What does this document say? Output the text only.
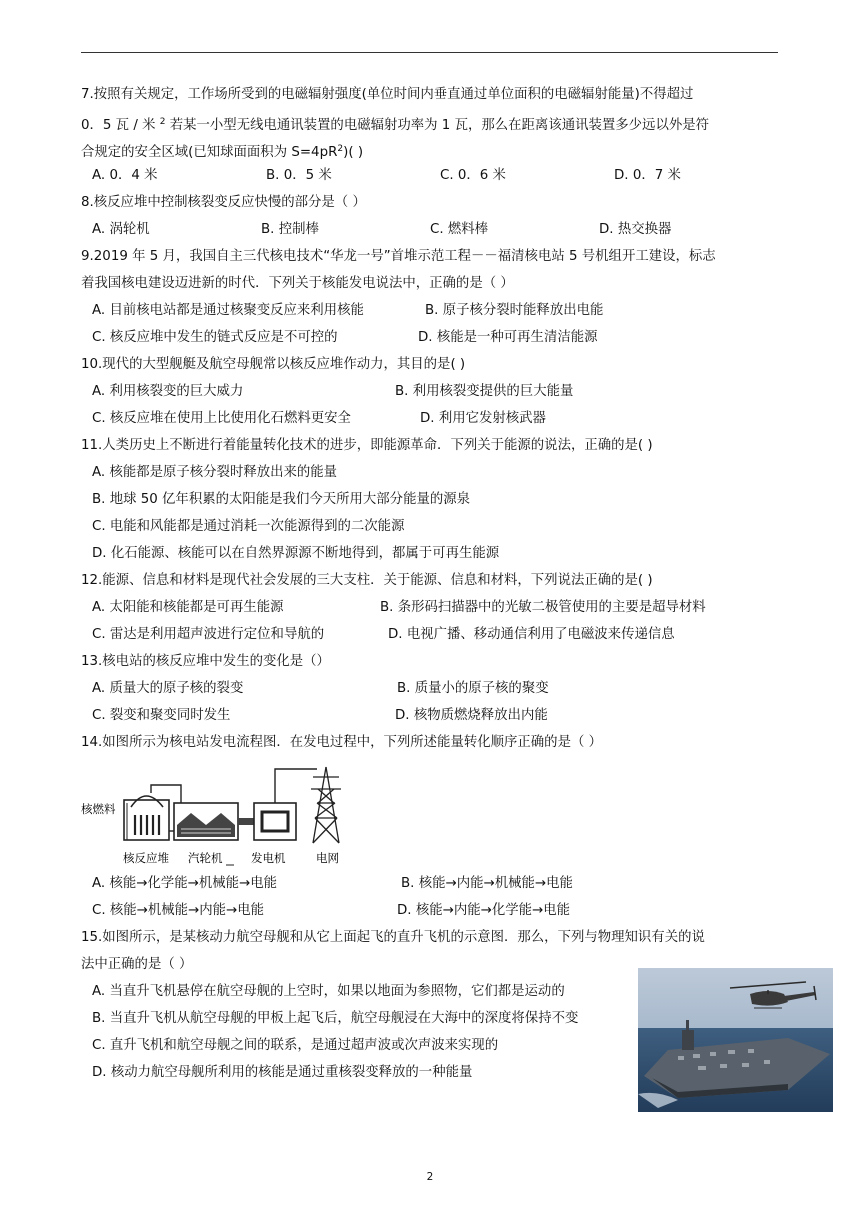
7.按照有关规定，工作场所受到的电磁辐射强度(单位时间内垂直通过单位面积的电磁辐射能量)不得超过
0．5 瓦 / 米 $^2$ 若某一小型无线电通讯装置的电磁辐射功率为 1 瓦，那么在距离该通讯装置多少远以外是符
合规定的安全区域(已知球面面积为 $S=4pR^2$)( )
A. 0．4 米	B. 0．5 米	C. 0．6 米	D. 0．7 米
8.核反应堆中控制核裂变反应快慢的部分是（ ）
A. 涡轮机	B. 控制棒	C. 燃料棒	D. 热交换器
9.2019 年 5 月，我国自主三代核电技术“华龙一号”首堆示范工程－－福清核电站 5 号机组开工建设，标志
着我国核电建设迈进新的时代．下列关于核能发电说法中，正确的是（ ）
A. 目前核电站都是通过核聚变反应来利用核能	B. 原子核分裂时能释放出电能
C. 核反应堆中发生的链式反应是不可控的	D. 核能是一种可再生清洁能源
10.现代的大型舰艇及航空母舰常以核反应堆作动力，其目的是( )
A. 利用核裂变的巨大威力	B. 利用核裂变提供的巨大能量
C. 核反应堆在使用上比使用化石燃料更安全	D. 利用它发射核武器
11.人类历史上不断进行着能量转化技术的进步，即能源革命．下列关于能源的说法，正确的是( )
A. 核能都是原子核分裂时释放出来的能量
B. 地球 50 亿年积累的太阳能是我们今天所用大部分能量的源泉
C. 电能和风能都是通过消耗一次能源得到的二次能源
D. 化石能源、核能可以在自然界源源不断地得到，都属于可再生能源
12.能源、信息和材料是现代社会发展的三大支柱．关于能源、信息和材料，下列说法正确的是( )
A. 太阳能和核能都是可再生能源	B. 条形码扫描器中的光敏二极管使用的主要是超导材料
C. 雷达是利用超声波进行定位和导航的	D. 电视广播、移动通信利用了电磁波来传递信息
13.核电站的核反应堆中发生的变化是（）
A. 质量大的原子核的裂变	B. 质量小的原子核的聚变
C. 裂变和聚变同时发生	D. 核物质燃烧释放出内能
14.如图所示为核电站发电流程图．在发电过程中，下列所述能量转化顺序正确的是（ ）
核燃料
核反应堆 汽轮机 发电机	电网
A. 核能→化学能→机械能→电能	B. 核能→内能→机械能→电能
C. 核能→机械能→内能→电能	D. 核能→内能→化学能→电能
15.如图所示，是某核动力航空母舰和从它上面起飞的直升飞机的示意图．那么，下列与物理知识有关的说
法中正确的是（ ）
A. 当直升飞机悬停在航空母舰的上空时，如果以地面为参照物，它们都是运动的
B. 当直升飞机从航空母舰的甲板上起飞后，航空母舰浸在大海中的深度将保持不变
C. 直升飞机和航空母舰之间的联系，是通过超声波或次声波来实现的
D. 核动力航空母舰所利用的核能是通过重核裂变释放的一种能量
2
